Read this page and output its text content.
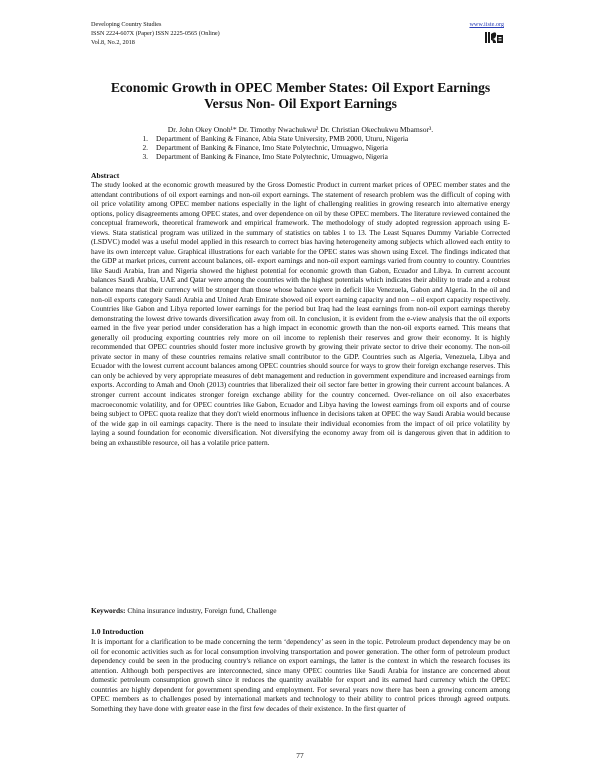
Developing Country Studies
ISSN 2224-607X (Paper) ISSN 2225-0565 (Online)
Vol.8, No.2, 2018
www.iiste.org
Economic Growth in OPEC Member States: Oil Export Earnings
Versus Non- Oil Export Earnings
Dr. John Okey Onoh¹* Dr. Timothy Nwachukwu² Dr. Christian Okechukwu Mbamsor³.
1. Department of Banking & Finance, Abia State University, PMB 2000, Uturu, Nigeria
2. Department of Banking & Finance, Imo State Polytechnic, Umuagwo, Nigeria
3. Department of Banking & Finance, Imo State Polytechnic, Umuagwo, Nigeria
Abstract
The study looked at the economic growth measured by the Gross Domestic Product in current market prices of OPEC member states and the attendant contributions of oil export earnings and non-oil export earnings. The statement of research problem was the difficult of coping with oil price volatility among OPEC member nations especially in the light of challenging realities in growing research into alternative energy options, policy disagreements among OPEC states, and over dependence on oil by these OPEC members. The literature reviewed contained the conceptual framework, theoretical framework and empirical framework. The methodology of study adopted regression approach using E-views. Stata statistical program was utilized in the summary of statistics on tables 1 to 13. The Least Squares Dummy Variable Corrected (LSDVC) model was a useful model applied in this research to correct bias having heterogeneity among subjects which allowed each entity to have its own intercept value. Graphical illustrations for each variable for the OPEC states was shown using Excel. The findings indicated that the GDP at market prices, current account balances, oil- export earnings and non-oil export earnings varied from country to country. Countries like Saudi Arabia, Iran and Nigeria showed the highest potential for economic growth than Gabon, Ecuador and Libya. In current account balances Saudi Arabia, UAE and Qatar were among the countries with the highest potentials which indicates their ability to trade and a robust balance means that their currency will be stronger than those whose balance were in deficit like Venezuela, Gabon and Algeria. In the oil and non-oil exports category Saudi Arabia and United Arab Emirate showed oil export earning capacity and non – oil export capacity respectively. Countries like Gabon and Libya reported lower earnings for the period but Iraq had the least earnings from non-oil export earnings thereby demonstrating the lowest drive towards diversification away from oil. In conclusion, it is evident from the e-view analysis that the oil exports earned in the five year period under consideration has a high impact in economic growth than the non-oil exports earned. This means that generally oil producing exporting countries rely more on oil income to replenish their reserves and grow their economy. It is highly recommended that OPEC countries should foster more inclusive growth by growing their private sector to drive their economy. The non-oil private sector in many of these countries remains relative small contributor to the GDP. Countries such as Algeria, Venezuela, Libya and Ecuador with the lowest current account balances among OPEC countries should source for ways to grow their foreign exchange reserves. This can only be achieved by very appropriate measures of debt management and reduction in government expenditure and increased earnings from exports. According to Amah and Onoh (2013) countries that liberalized their oil sector fare better in growing their current account balances. A stronger current account indicates stronger foreign exchange ability for the country concerned. Over-reliance on oil also exacerbates macroeconomic volatility, and for OPEC countries like Gabon, Ecuador and Libya having the lowest earnings from oil exports and of course being subject to OPEC quota realize that they don't wield enormous influence in decisions taken at OPEC the way Saudi Arabia would because of the wide gap in oil earnings capacity. There is the need to insulate their individual economies from the impact of oil price volatility by laying a sound foundation for economic diversification. Not diversifying the economy away from oil is dangerous given that in addition to being an exhaustible resource, oil has a volatile price pattern.
Keywords: China insurance industry, Foreign fund, Challenge
1.0 Introduction
It is important for a clarification to be made concerning the term ‘dependency’ as seen in the topic. Petroleum product dependency may be on oil for economic activities such as for local consumption involving transportation and power generation. The other form of petroleum product dependency could be seen in the producing country's reliance on export earnings, the latter is the context in which the research focuses its attention. Although both perspectives are interconnected, since many OPEC countries like Saudi Arabia for instance are concerned about domestic petroleum consumption growth since it reduces the quantity available for export and its earned hard currency which the OPEC countries are highly dependent for government spending and employment. For several years now there has been a growing concern among OPEC members as to challenges posed by international markets and technology to their ability to control prices through agreed outputs. Something they have done with greater ease in the first few decades of their existence. In the first quarter of
77
